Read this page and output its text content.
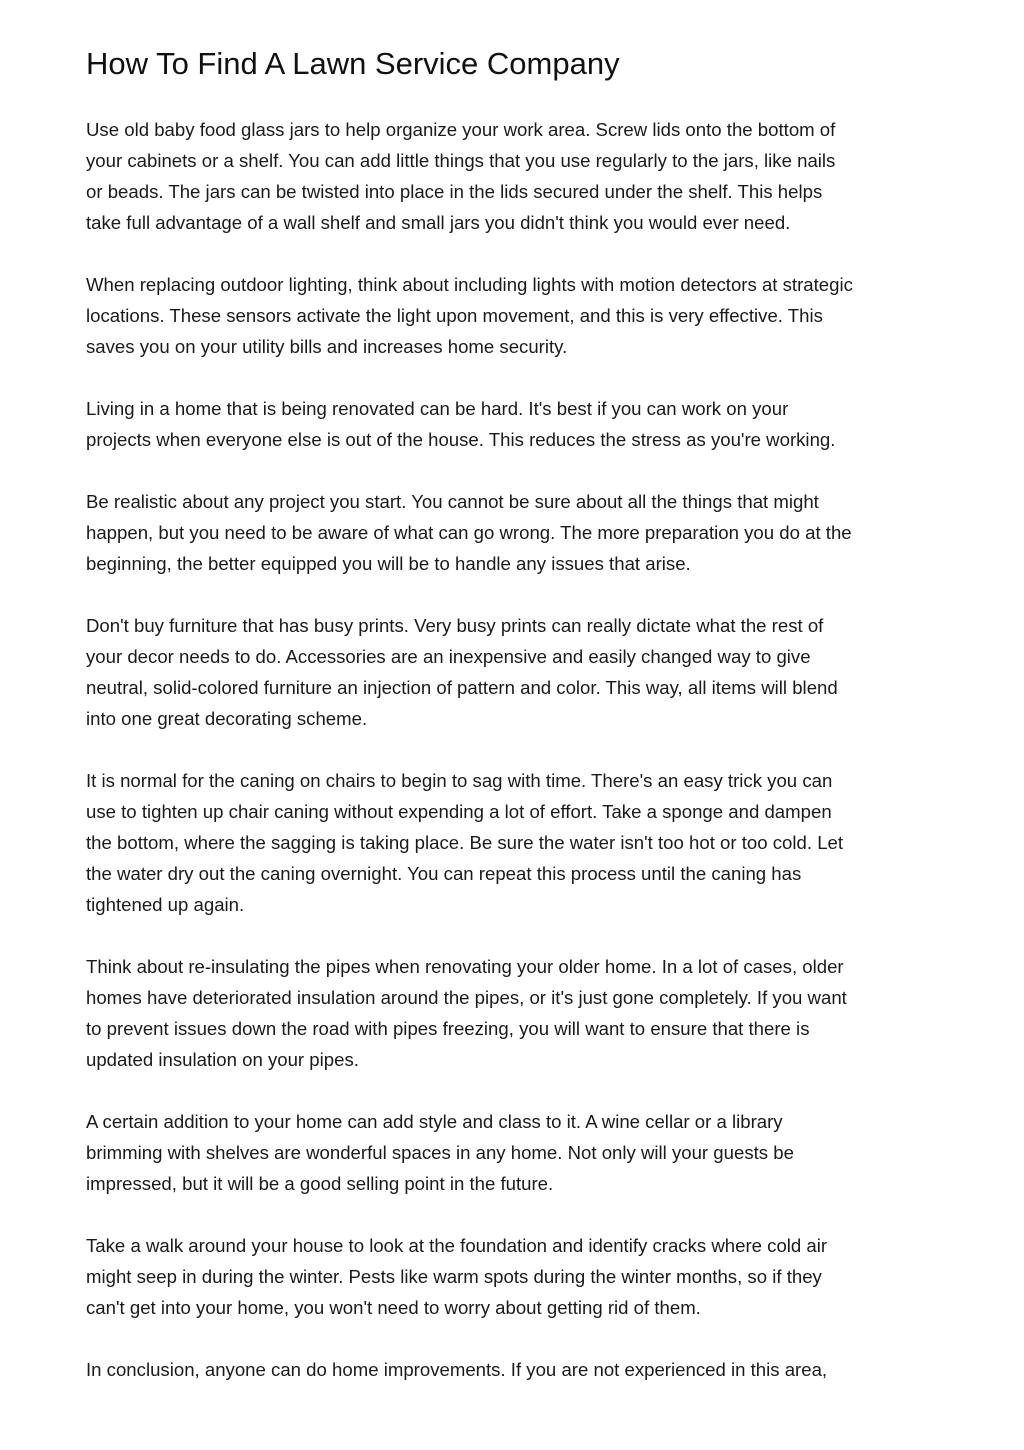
How To Find A Lawn Service Company

Use old baby food glass jars to help organize your work area. Screw lids onto the bottom of
your cabinets or a shelf. You can add little things that you use regularly to the jars, like nails
or beads. The jars can be twisted into place in the lids secured under the shelf. This helps
take full advantage of a wall shelf and small jars you didn't think you would ever need.

When replacing outdoor lighting, think about including lights with motion detectors at strategic
locations. These sensors activate the light upon movement, and this is very effective. This
saves you on your utility bills and increases home security.

Living in a home that is being renovated can be hard. It's best if you can work on your
projects when everyone else is out of the house. This reduces the stress as you're working.

Be realistic about any project you start. You cannot be sure about all the things that might
happen, but you need to be aware of what can go wrong. The more preparation you do at the
beginning, the better equipped you will be to handle any issues that arise.

Don't buy furniture that has busy prints. Very busy prints can really dictate what the rest of
your decor needs to do. Accessories are an inexpensive and easily changed way to give
neutral, solid-colored furniture an injection of pattern and color. This way, all items will blend
into one great decorating scheme.

It is normal for the caning on chairs to begin to sag with time. There's an easy trick you can
use to tighten up chair caning without expending a lot of effort. Take a sponge and dampen
the bottom, where the sagging is taking place. Be sure the water isn't too hot or too cold. Let
the water dry out the caning overnight. You can repeat this process until the caning has
tightened up again.

Think about re-insulating the pipes when renovating your older home. In a lot of cases, older
homes have deteriorated insulation around the pipes, or it's just gone completely. If you want
to prevent issues down the road with pipes freezing, you will want to ensure that there is
updated insulation on your pipes.

A certain addition to your home can add style and class to it. A wine cellar or a library
brimming with shelves are wonderful spaces in any home. Not only will your guests be
impressed, but it will be a good selling point in the future.

Take a walk around your house to look at the foundation and identify cracks where cold air
might seep in during the winter. Pests like warm spots during the winter months, so if they
can't get into your home, you won't need to worry about getting rid of them.

In conclusion, anyone can do home improvements. If you are not experienced in this area,
